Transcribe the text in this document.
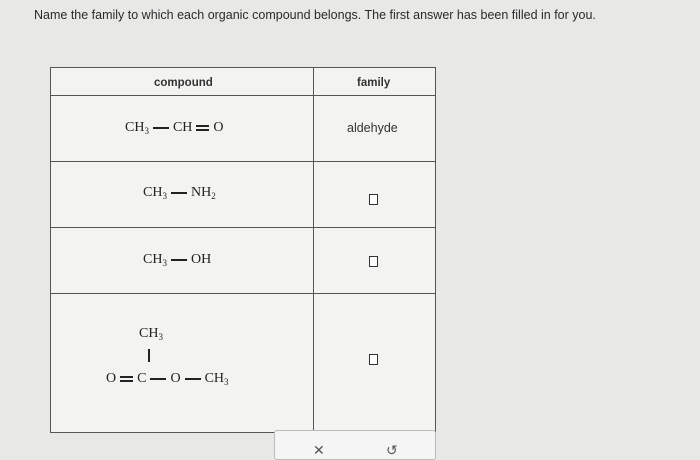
Name the family to which each organic compound belongs. The first answer has been filled in for you.
compound	family
$CH_3$ CH O	aldehyde
$CH_3$ $NH_2$
$CH_3$ OH
$CH_3$
O C O $CH_3$
✕	↺
